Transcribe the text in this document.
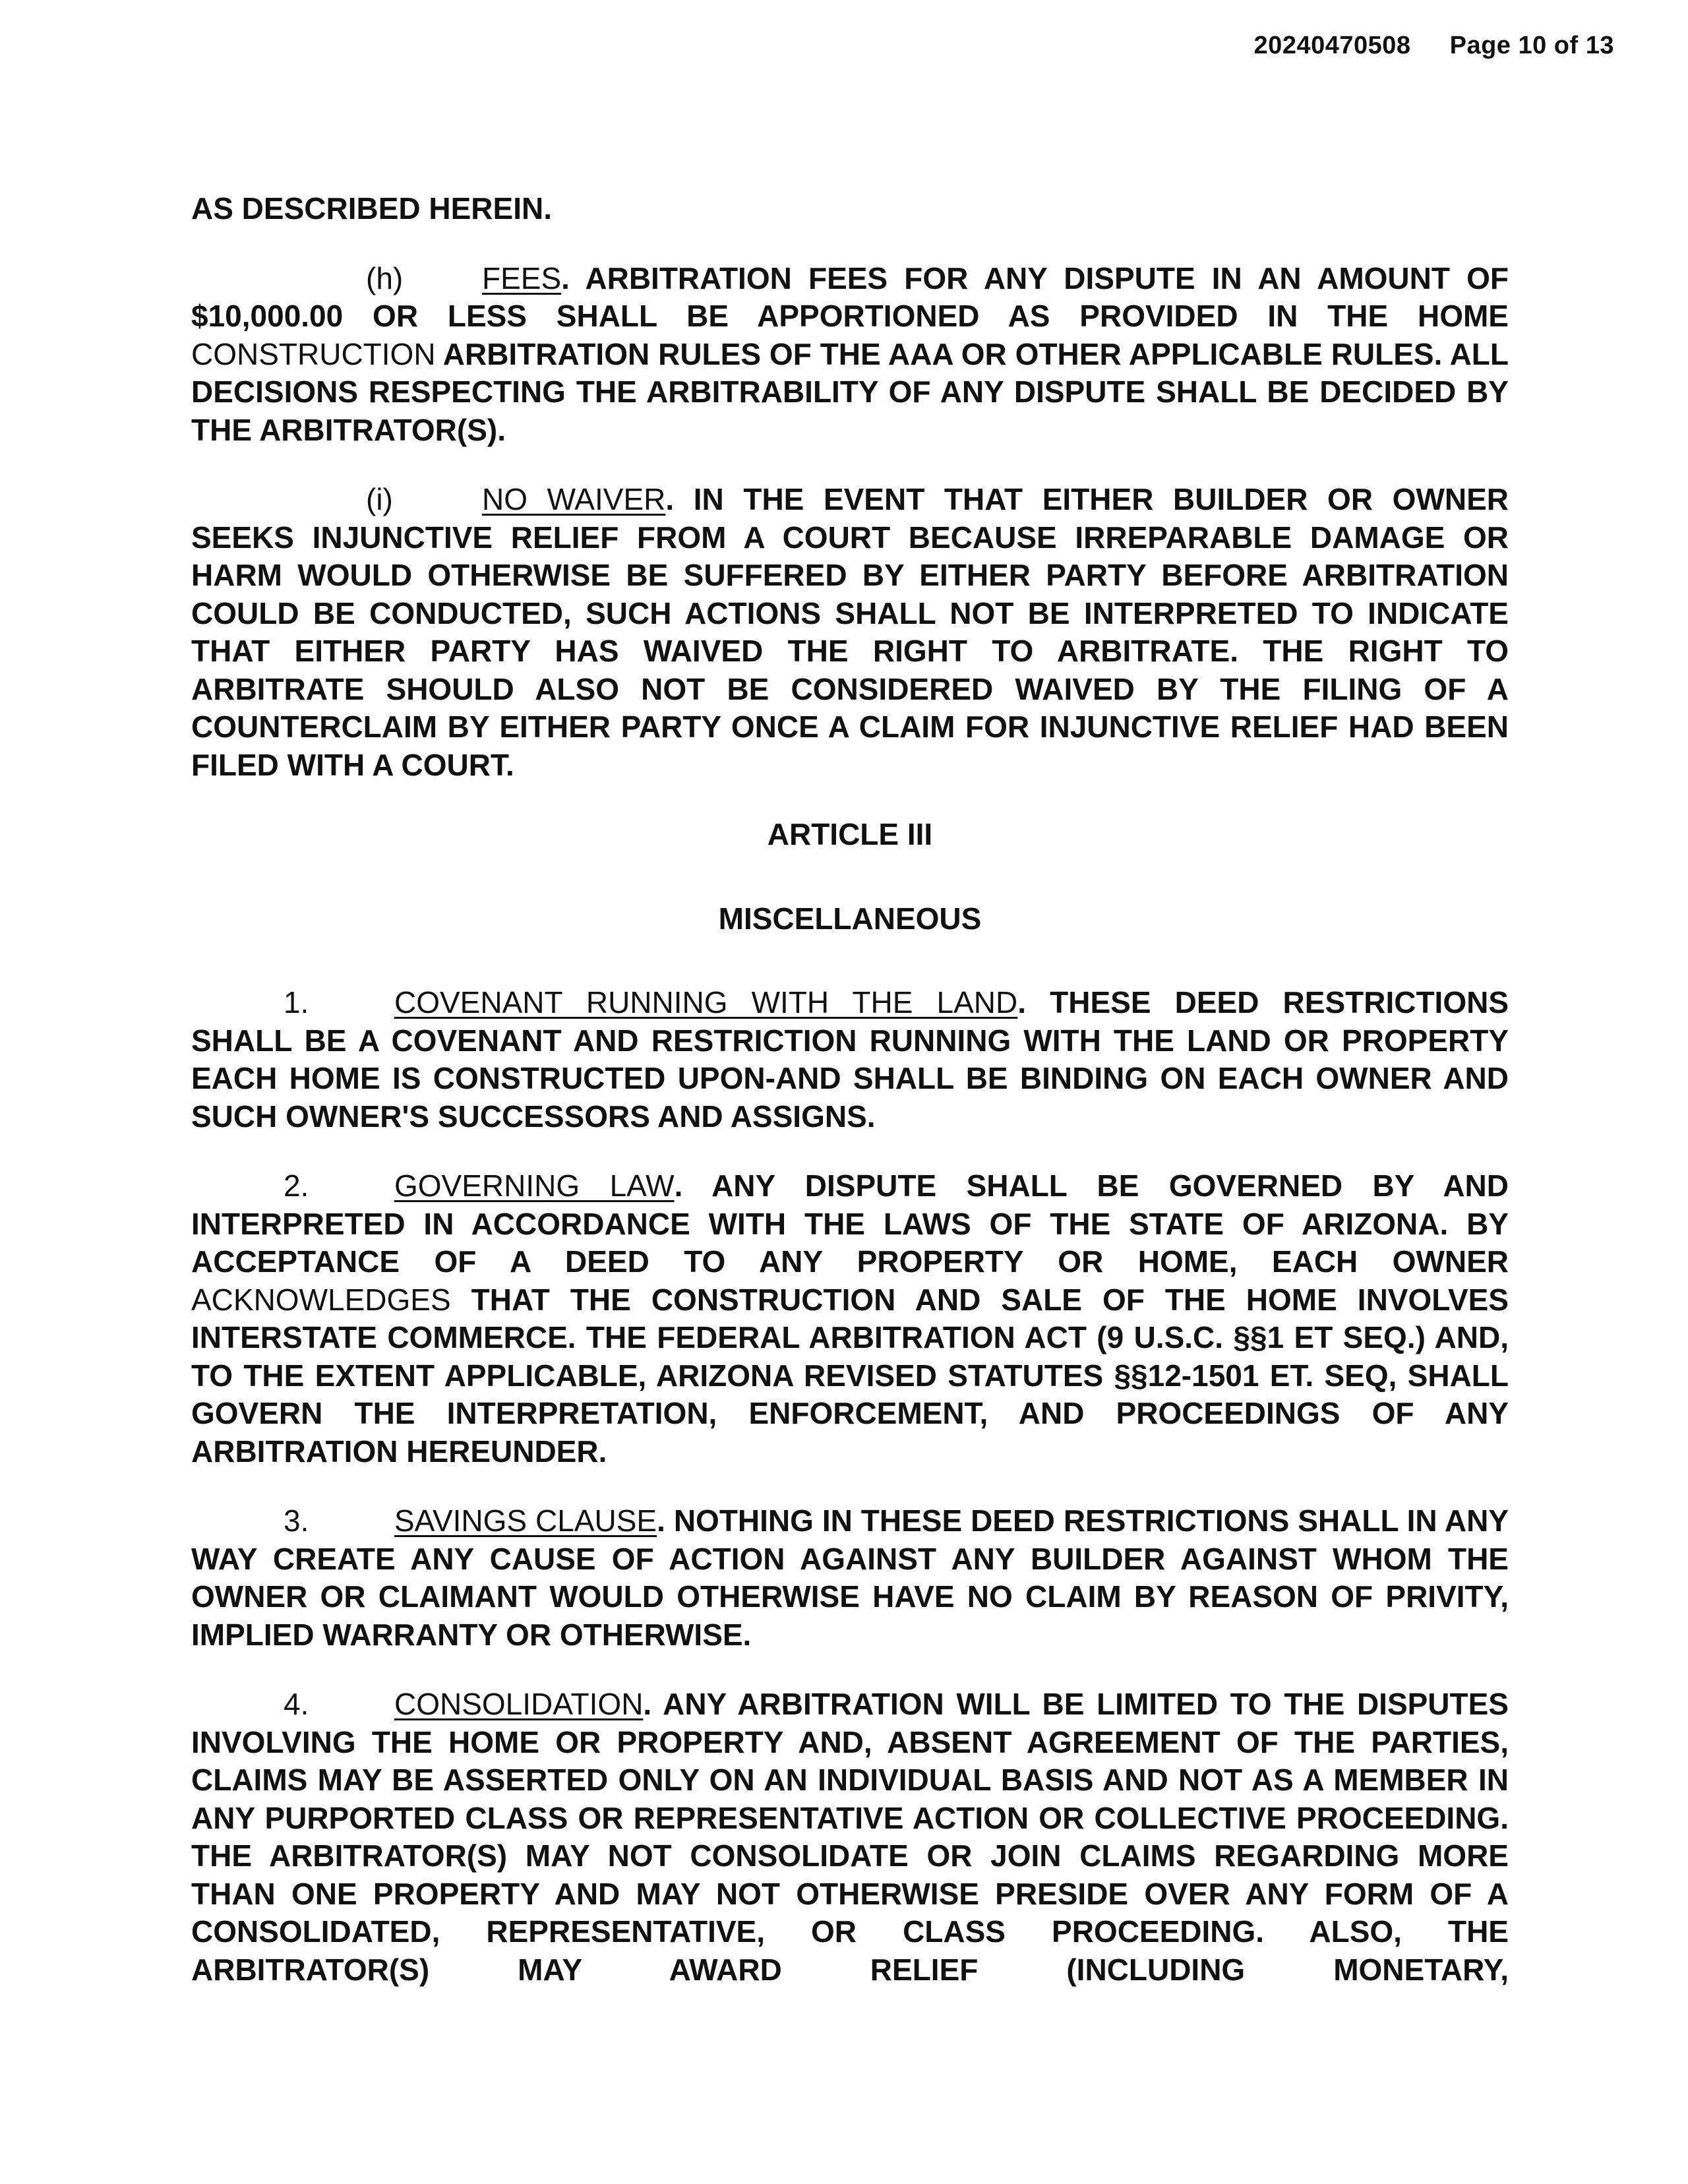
20240470508 Page 10 of 13

AS DESCRIBED HEREIN.

(h)	FEES. ARBITRATION FEES FOR ANY DISPUTE IN AN AMOUNT OF $10,000.00 OR LESS SHALL BE APPORTIONED AS PROVIDED IN THE HOME CONSTRUCTION ARBITRATION RULES OF THE AAA OR OTHER APPLICABLE RULES. ALL DECISIONS RESPECTING THE ARBITRABILITY OF ANY DISPUTE SHALL BE DECIDED BY THE ARBITRATOR(S).

(i)	NO WAIVER. IN THE EVENT THAT EITHER BUILDER OR OWNER SEEKS INJUNCTIVE RELIEF FROM A COURT BECAUSE IRREPARABLE DAMAGE OR HARM WOULD OTHERWISE BE SUFFERED BY EITHER PARTY BEFORE ARBITRATION COULD BE CONDUCTED, SUCH ACTIONS SHALL NOT BE INTERPRETED TO INDICATE THAT EITHER PARTY HAS WAIVED THE RIGHT TO ARBITRATE. THE RIGHT TO ARBITRATE SHOULD ALSO NOT BE CONSIDERED WAIVED BY THE FILING OF A COUNTERCLAIM BY EITHER PARTY ONCE A CLAIM FOR INJUNCTIVE RELIEF HAD BEEN FILED WITH A COURT.

ARTICLE III

MISCELLANEOUS

1.	COVENANT RUNNING WITH THE LAND. THESE DEED RESTRICTIONS SHALL BE A COVENANT AND RESTRICTION RUNNING WITH THE LAND OR PROPERTY EACH HOME IS CONSTRUCTED UPON-AND SHALL BE BINDING ON EACH OWNER AND SUCH OWNER'S SUCCESSORS AND ASSIGNS.

2.	GOVERNING LAW. ANY DISPUTE SHALL BE GOVERNED BY AND INTERPRETED IN ACCORDANCE WITH THE LAWS OF THE STATE OF ARIZONA. BY ACCEPTANCE OF A DEED TO ANY PROPERTY OR HOME, EACH OWNER ACKNOWLEDGES THAT THE CONSTRUCTION AND SALE OF THE HOME INVOLVES INTERSTATE COMMERCE. THE FEDERAL ARBITRATION ACT (9 U.S.C. §§1 ET SEQ.) AND, TO THE EXTENT APPLICABLE, ARIZONA REVISED STATUTES §§12-1501 ET. SEQ, SHALL GOVERN THE INTERPRETATION, ENFORCEMENT, AND PROCEEDINGS OF ANY ARBITRATION HEREUNDER.

3.	SAVINGS CLAUSE. NOTHING IN THESE DEED RESTRICTIONS SHALL IN ANY WAY CREATE ANY CAUSE OF ACTION AGAINST ANY BUILDER AGAINST WHOM THE OWNER OR CLAIMANT WOULD OTHERWISE HAVE NO CLAIM BY REASON OF PRIVITY, IMPLIED WARRANTY OR OTHERWISE.

4.	CONSOLIDATION. ANY ARBITRATION WILL BE LIMITED TO THE DISPUTES INVOLVING THE HOME OR PROPERTY AND, ABSENT AGREEMENT OF THE PARTIES, CLAIMS MAY BE ASSERTED ONLY ON AN INDIVIDUAL BASIS AND NOT AS A MEMBER IN ANY PURPORTED CLASS OR REPRESENTATIVE ACTION OR COLLECTIVE PROCEEDING. THE ARBITRATOR(S) MAY NOT CONSOLIDATE OR JOIN CLAIMS REGARDING MORE THAN ONE PROPERTY AND MAY NOT OTHERWISE PRESIDE OVER ANY FORM OF A CONSOLIDATED, REPRESENTATIVE, OR CLASS PROCEEDING. ALSO, THE ARBITRATOR(S) MAY AWARD RELIEF (INCLUDING MONETARY,
